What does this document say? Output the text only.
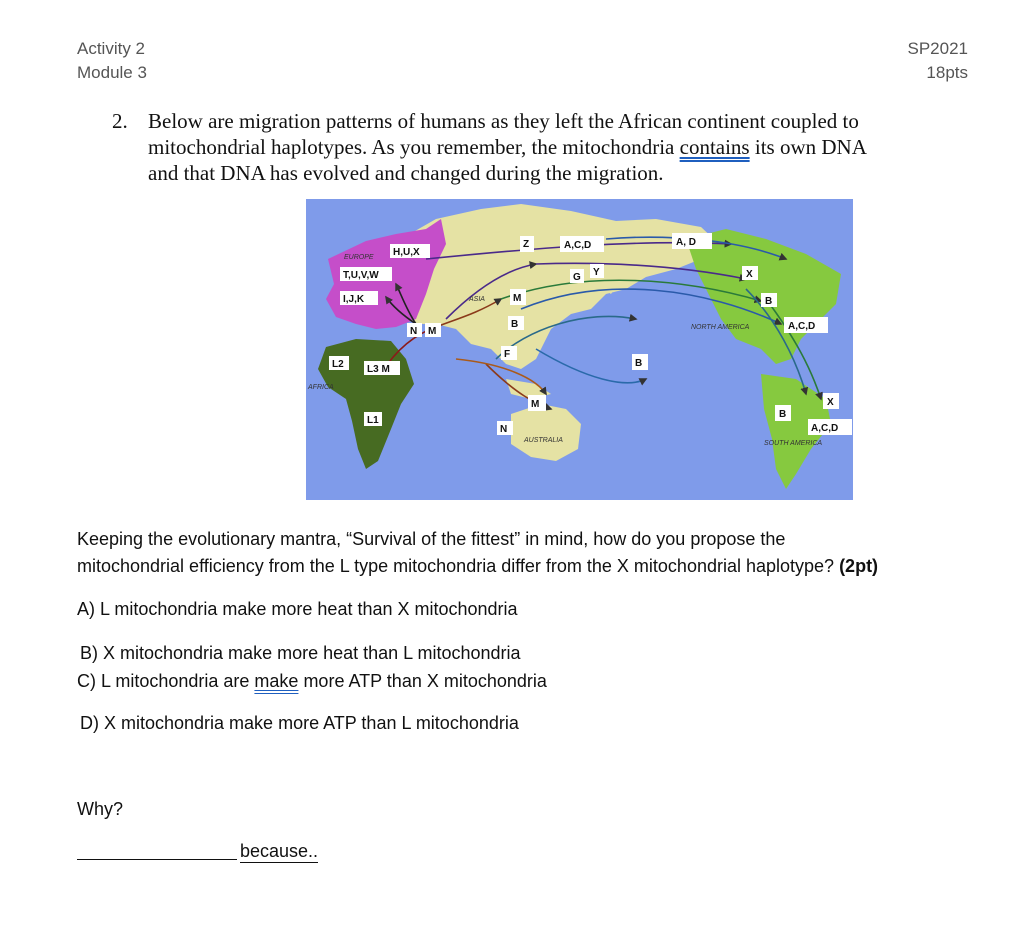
Activity 2
Module 3
SP2021
18pts
2. Below are migration patterns of humans as they left the African continent coupled to
mitochondrial haplotypes. As you remember, the mitochondria contains its own DNA
and that DNA has evolved and changed during the migration.
EUROPE
ASIA
AFRICA
NORTH AMERICA
SOUTH AMERICA
AUSTRALIA
H,U,X
T,U,V,W
I,J,K
N M
L2 L3 M
L1
Z	A,C,D
G Y
M
B
F
B
M
N
A, D
X
B
A,C,D
X
B
A,C,D
Keeping the evolutionary mantra, “Survival of the fittest” in mind, how do you propose the
mitochondrial efficiency from the L type mitochondria differ from the X mitochondrial haplotype? (2pt)
A) L mitochondria make more heat than X mitochondria
B) X mitochondria make more heat than L mitochondria
C) L mitochondria are make more ATP than X mitochondria
D) X mitochondria make more ATP than L mitochondria
Why?
because..
